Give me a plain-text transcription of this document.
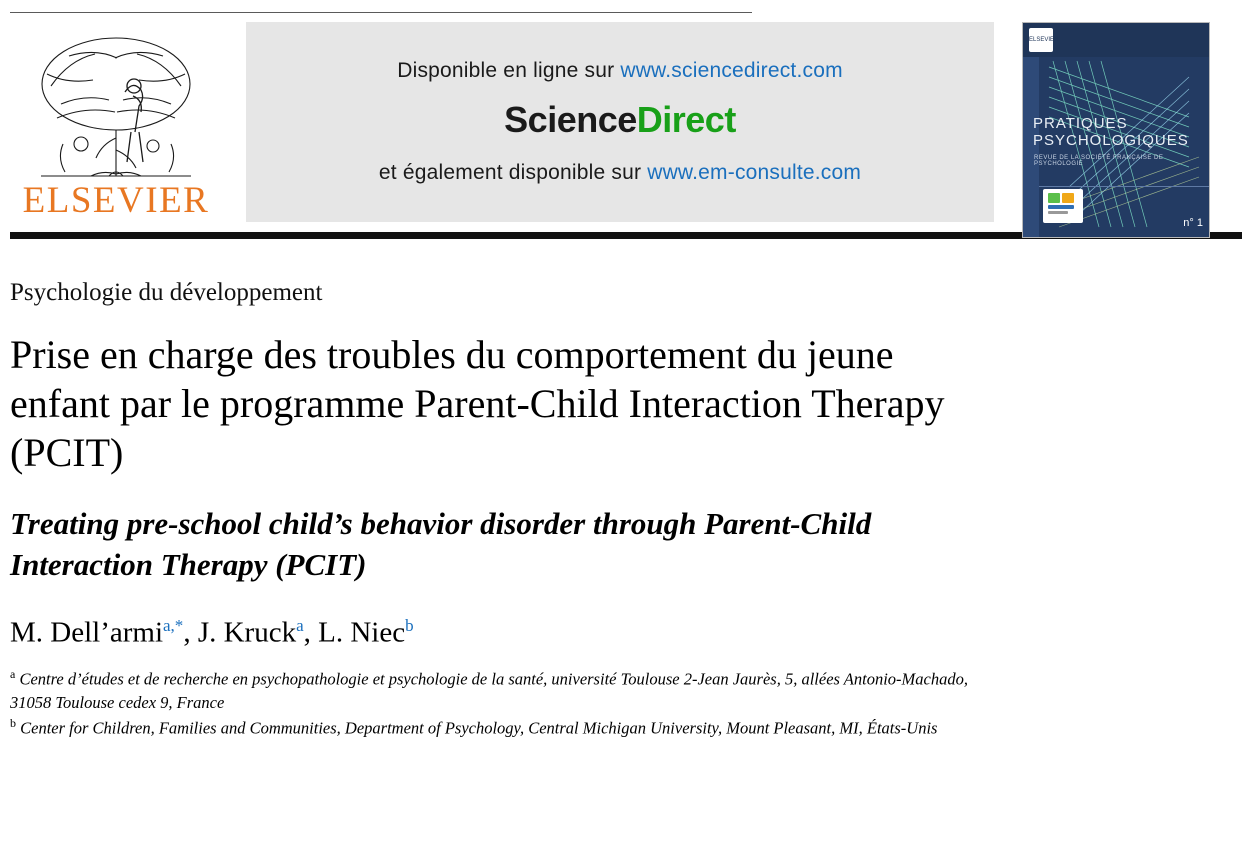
ELSEVIER
Disponible en ligne sur www.sciencedirect.com
ScienceDirect
et également disponible sur www.em-consulte.com
ELSEVIER
PRATIQUES
PSYCHOLOGIQUES
REVUE DE LA SOCIÉTÉ FRANÇAISE DE PSYCHOLOGIE
n° 1
Psychologie du développement
Prise en charge des troubles du comportement du jeune enfant par le programme Parent-Child Interaction Therapy (PCIT)
Treating pre-school child’s behavior disorder through Parent-Child Interaction Therapy (PCIT)
M. Dell’armi$^{a,*}$, J. Kruck$^a$, L. Niec$^b$

$^a$ Centre d’études et de recherche en psychopathologie et psychologie de la santé, université Toulouse 2-Jean Jaurès, 5, allées Antonio-Machado, 31058 Toulouse cedex 9, France

$^b$ Center for Children, Families and Communities, Department of Psychology, Central Michigan University, Mount Pleasant, MI, États-Unis
